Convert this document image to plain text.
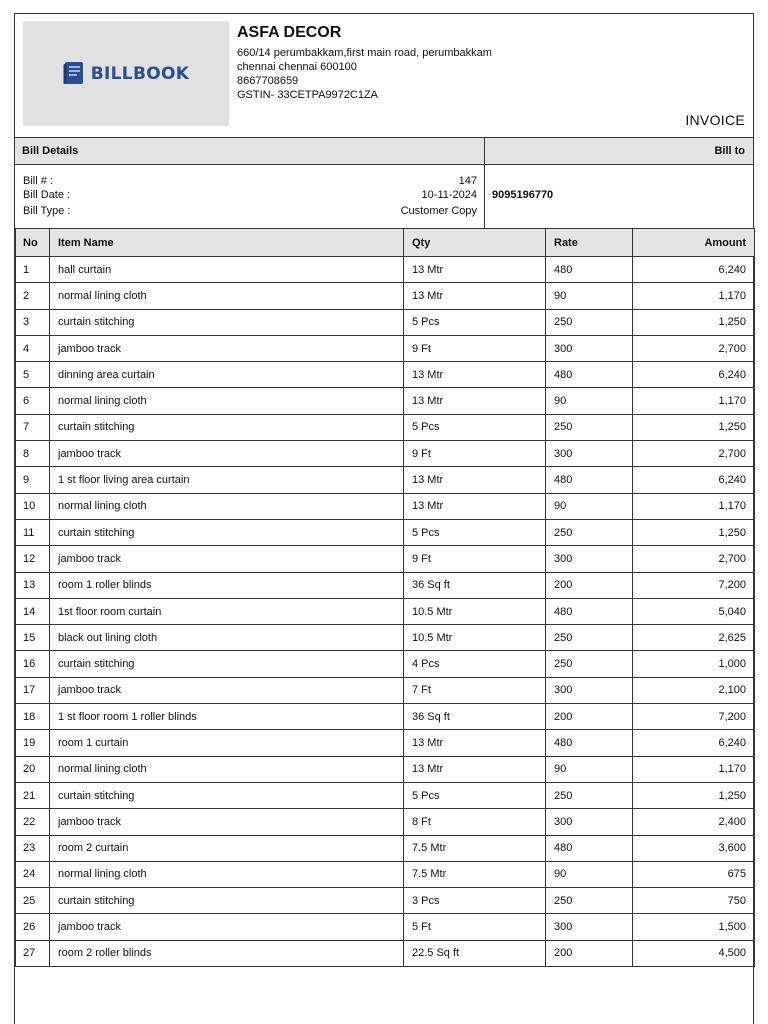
BILLBOOK
ASFA DECOR
660/14 perumbakkam,first main road, perumbakkam
chennai chennai 600100
8667708659
GSTIN- 33CETPA9972C1ZA
INVOICE
Bill Details	Bill to
Bill # :	147
Bill Date :	10-11-2024
Bill Type :	Customer Copy
9095196770
No	Item Name	Qty	Rate	Amount
1	hall curtain	13 Mtr	480	6,240
2	normal lining cloth	13 Mtr	90	1,170
3	curtain stitching	5 Pcs	250	1,250
4	jamboo track	9 Ft	300	2,700
5	dinning area curtain	13 Mtr	480	6,240
6	normal lining cloth	13 Mtr	90	1,170
7	curtain stitching	5 Pcs	250	1,250
8	jamboo track	9 Ft	300	2,700
9	1 st floor living area curtain	13 Mtr	480	6,240
10	normal lining cloth	13 Mtr	90	1,170
11	curtain stitching	5 Pcs	250	1,250
12	jamboo track	9 Ft	300	2,700
13	room 1 roller blinds	36 Sq ft	200	7,200
14	1st floor room curtain	10.5 Mtr	480	5,040
15	black out lining cloth	10.5 Mtr	250	2,625
16	curtain stitching	4 Pcs	250	1,000
17	jamboo track	7 Ft	300	2,100
18	1 st floor room 1 roller blinds	36 Sq ft	200	7,200
19	room 1 curtain	13 Mtr	480	6,240
20	normal lining cloth	13 Mtr	90	1,170
21	curtain stitching	5 Pcs	250	1,250
22	jamboo track	8 Ft	300	2,400
23	room 2 curtain	7.5 Mtr	480	3,600
24	normal lining cloth	7.5 Mtr	90	675
25	curtain stitching	3 Pcs	250	750
26	jamboo track	5 Ft	300	1,500
27	room 2 roller blinds	22.5 Sq ft	200	4,500
